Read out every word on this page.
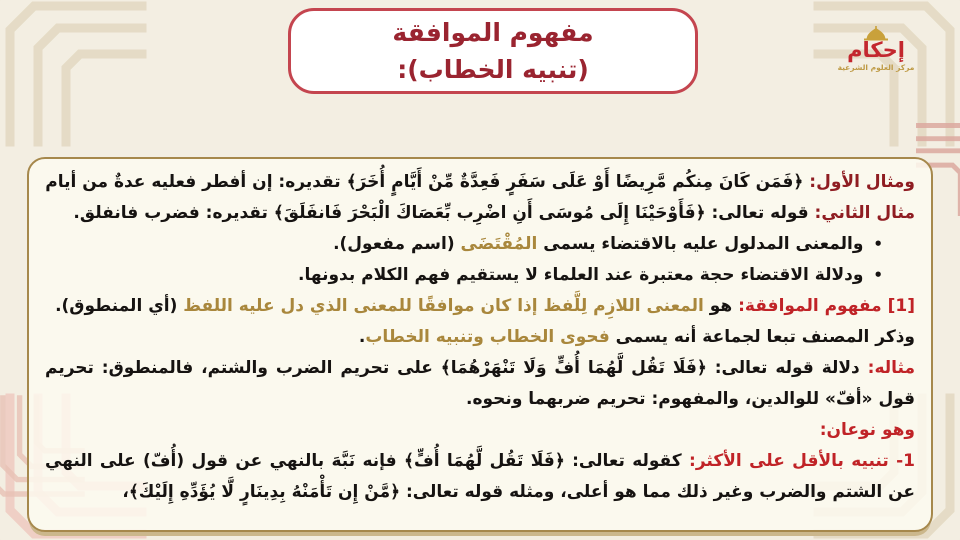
مفهوم الموافقة
(تنبيه الخطاب):
إحكام
مركز العلوم الشرعية
ومثال الأول: ﴿فَمَن كَانَ مِنكُم مَّرِيضًا أَوْ عَلَى سَفَرٍ فَعِدَّةٌ مِّنْ أَيَّامٍ أُخَرَ﴾ تقديره: إن أفطر فعليه عدةٌ من أيام
مثال الثاني: قوله تعالى: ﴿فَأَوْحَيْنَا إِلَى مُوسَى أَنِ اضْرِب بِّعَصَاكَ الْبَحْرَ فَانفَلَقَ﴾ تقديره: فضرب فانفلق.
•والمعنى المدلول عليه بالاقتضاء يسمى المُقْتَضَى (اسم مفعول).
•ودلالة الاقتضاء حجة معتبرة عند العلماء لا يستقيم فهم الكلام بدونها.
[1] مفهوم الموافقة: هو المعنى اللازِم لِلَّفظ إذا كان موافقًا للمعنى الذي دل عليه اللفظ (أي المنطوق).
وذكر المصنف تبعا لجماعة أنه يسمى فحوى الخطاب وتنبيه الخطاب.
مثاله: دلالة قوله تعالى: ﴿فَلَا تَقُل لَّهُمَا أُفٍّ وَلَا تَنْهَرْهُمَا﴾ على تحريم الضرب والشتم، فالمنطوق: تحريم قول «أفّ» للوالدين، والمفهوم: تحريم ضربهما ونحوه.
وهو نوعان:
1- تنبيه بالأقل على الأكثر: كقوله تعالى: ﴿فَلَا تَقُل لَّهُمَا أُفٍّ﴾ فإنه نَبَّهَ بالنهي عن قول (أُفّ) على النهي عن الشتم والضرب وغير ذلك مما هو أعلى، ومثله قوله تعالى: ﴿مَّنْ إِن تَأْمَنْهُ بِدِينَارٍ لَّا يُؤَدِّهِ إِلَيْكَ﴾،
